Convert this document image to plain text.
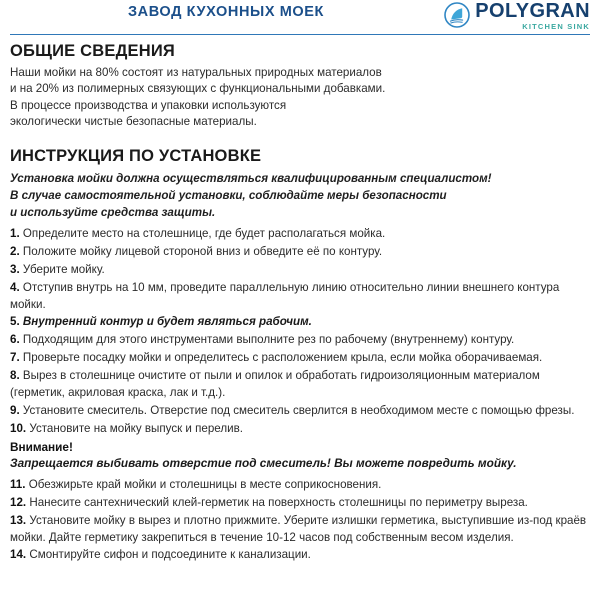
ЗАВОД КУХОННЫХ МОЕК	POLYGRAN
KITCHEN SINK
ОБЩИЕ СВЕДЕНИЯ
Наши мойки на 80% состоят из натуральных природных материалов
и на 20% из полимерных связующих с функциональными добавками.
В процессе производства и упаковки используются
экологически чистые безопасные материалы.
ИНСТРУКЦИЯ ПО УСТАНОВКЕ
Установка мойки должна осуществляться квалифицированным специалистом!
В случае самостоятельной установки, соблюдайте меры безопасности
и используйте средства защиты.
1. Определите место на столешнице, где будет располагаться мойка.
2. Положите мойку лицевой стороной вниз и обведите её по контуру.
3. Уберите мойку.
4. Отступив внутрь на 10 мм, проведите параллельную линию относительно линии внешнего контура мойки.
5. Внутренний контур и будет являться рабочим.
6. Подходящим для этого инструментами выполните рез по рабочему (внутреннему) контуру.
7. Проверьте посадку мойки и определитесь с расположением крыла, если мойка оборачиваемая.
8. Вырез в столешнице очистите от пыли и опилок и обработать гидроизоляционным материалом (герметик, акриловая краска, лак и т.д.).
9. Установите смеситель. Отверстие под смеситель сверлится в необходимом месте с помощью фрезы.
10. Установите на мойку выпуск и перелив.
Внимание!
Запрещается выбивать отверстие под смеситель! Вы можете повредить мойку.
11. Обезжирьте край мойки и столешницы в месте соприкосновения.
12. Нанесите сантехнический клей-герметик на поверхность столешницы по периметру выреза.
13. Установите мойку в вырез и плотно прижмите. Уберите излишки герметика, выступившие из-под краёв мойки. Дайте герметику закрепиться в течение 10-12 часов под собственным весом изделия.
14. Смонтируйте сифон и подсоедините к канализации.
